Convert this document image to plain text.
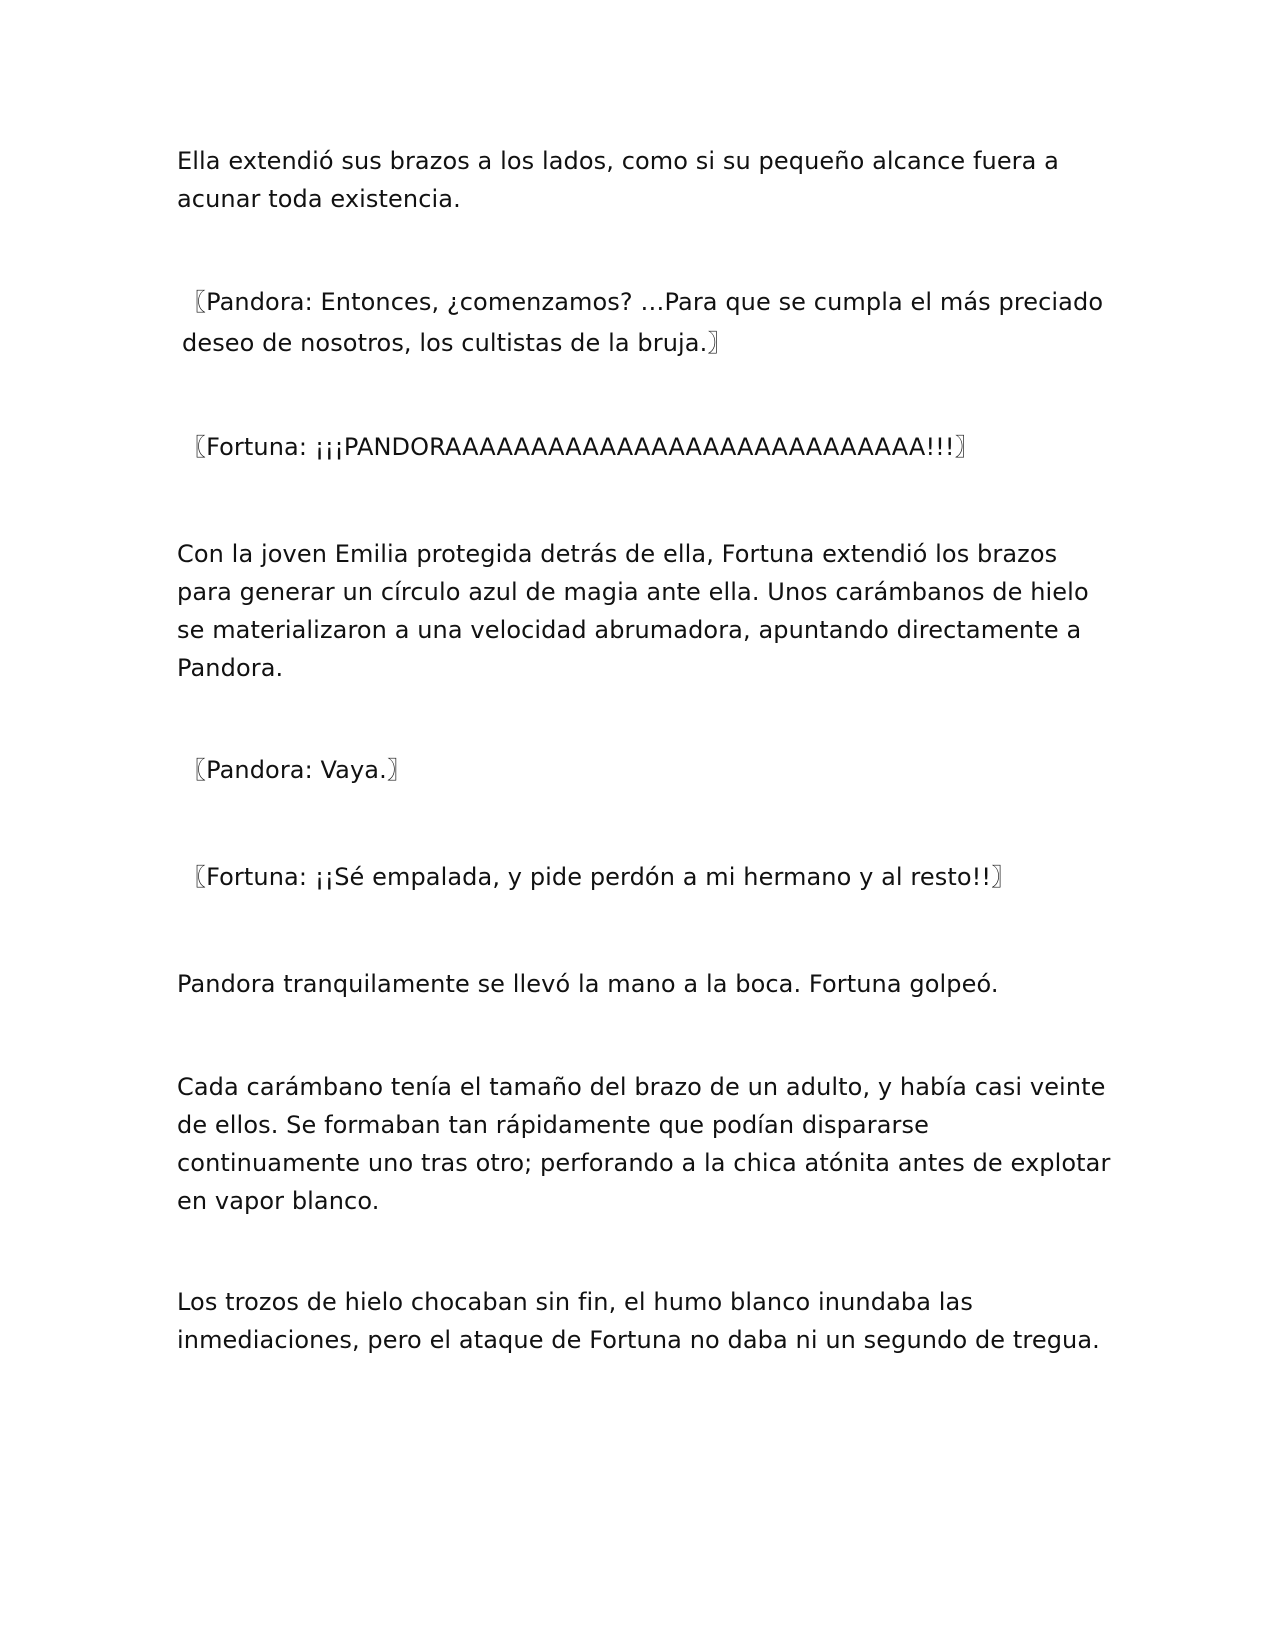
Ella extendió sus brazos a los lados, como si su pequeño alcance fuera a acunar toda existencia.

〖Pandora: Entonces, ¿comenzamos? …Para que se cumpla el más preciado deseo de nosotros, los cultistas de la bruja.〗

〖Fortuna: ¡¡¡PANDORAAAAAAAAAAAAAAAAAAAAAAAAAAAA!!!〗

Con la joven Emilia protegida detrás de ella, Fortuna extendió los brazos para generar un círculo azul de magia ante ella. Unos carámbanos de hielo se materializaron a una velocidad abrumadora, apuntando directamente a Pandora.

〖Pandora: Vaya.〗

〖Fortuna: ¡¡Sé empalada, y pide perdón a mi hermano y al resto!!〗

Pandora tranquilamente se llevó la mano a la boca. Fortuna golpeó.

Cada carámbano tenía el tamaño del brazo de un adulto, y había casi veinte de ellos. Se formaban tan rápidamente que podían dispararse continuamente uno tras otro; perforando a la chica atónita antes de explotar en vapor blanco.

Los trozos de hielo chocaban sin fin, el humo blanco inundaba las inmediaciones, pero el ataque de Fortuna no daba ni un segundo de tregua.
